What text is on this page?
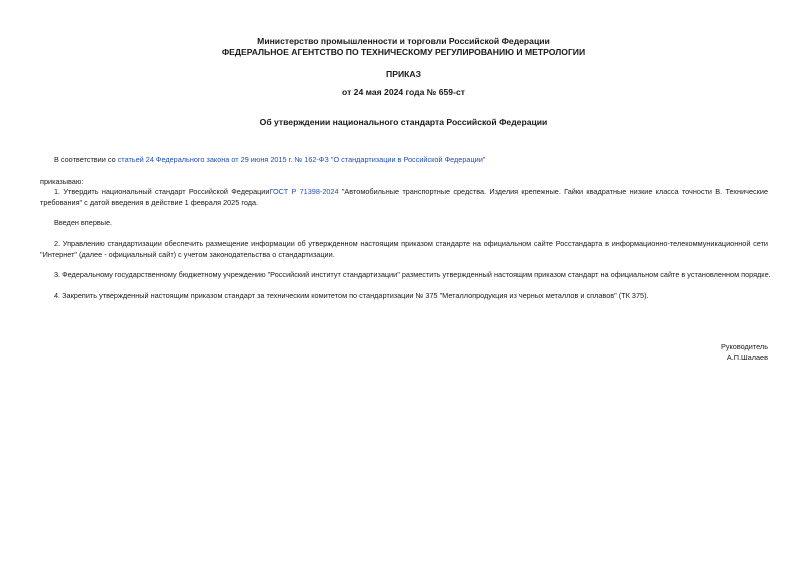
Министерство промышленности и торговли Российской Федерации
ФЕДЕРАЛЬНОЕ АГЕНТСТВО ПО ТЕХНИЧЕСКОМУ РЕГУЛИРОВАНИЮ И МЕТРОЛОГИИ
ПРИКАЗ
от 24 мая 2024 года № 659-ст
Об утверждении национального стандарта Российской Федерации
В соответствии со статьей 24 Федерального закона от 29 июня 2015 г. № 162-ФЗ "О стандартизации в Российской Федерации"
приказываю:
1. Утвердить национальный стандарт Российской ФедерацииГОСТ Р 71398-2024 "Автомобильные транспортные средства. Изделия крепежные. Гайки квадратные низкие класса точности В. Технические требования" с датой введения в действие 1 февраля 2025 года.
Введен впервые.
2. Управлению стандартизации обеспечить размещение информации об утвержденном настоящим приказом стандарте на официальном сайте Росстандарта в информационно-телекоммуникационной сети "Интернет" (далее - официальный сайт) с учетом законодательства о стандартизации.
3. Федеральному государственному бюджетному учреждению "Российский институт стандартизации" разместить утвержденный настоящим приказом стандарт на официальном сайте в установленном порядке.
4. Закрепить утвержденный настоящим приказом стандарт за техническим комитетом по стандартизации № 375 "Металлопродукция из черных металлов и сплавов" (ТК 375).
Руководитель
А.П.Шалаев
